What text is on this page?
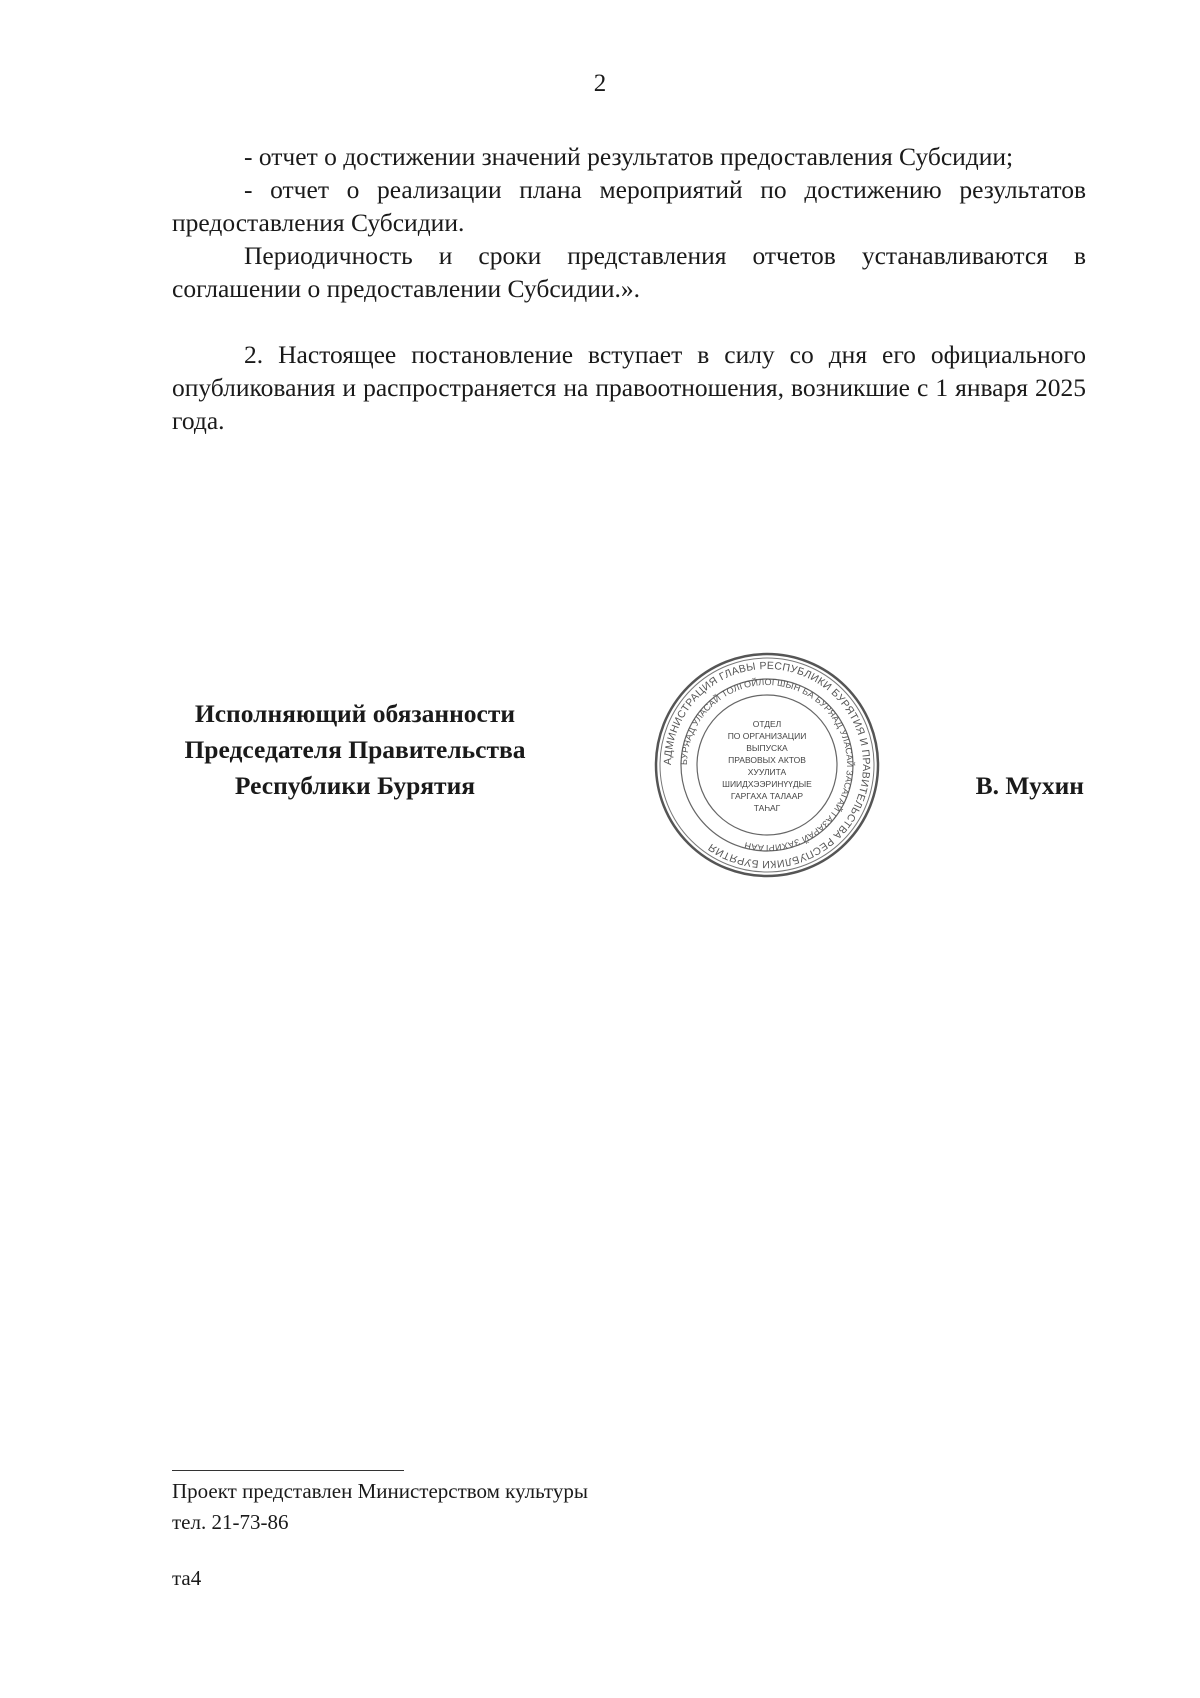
2

- отчет о достижении значений результатов предоставления Субсидии;

- отчет о реализации плана мероприятий по достижению результатов предоставления Субсидии.

Периодичность и сроки представления отчетов устанавливаются в соглашении о предоставлении Субсидии.».

2. Настоящее постановление вступает в силу со дня его официального опубликования и распространяется на правоотношения, возникшие с 1 января 2025 года.

Исполняющий обязанности
Председателя Правительства
Республики Бурятия
АДМИНИСТРАЦИЯ ГЛАВЫ РЕСПУБЛИКИ БУРЯТИЯ И ПРАВИТЕЛЬСТВА РЕСПУБЛИКИ БУРЯТИЯ
БУРЯАД УЛАСАЙ ТОЛГОЙЛОГШЫН БА БУРЯАД УЛАСАЙ ЗАСАГАЙ ГАЗАРАЙ ЗАХИРГААН
ОТДЕЛ
ПО ОРГАНИЗАЦИИ
ВЫПУСКА
ПРАВОВЫХ АКТОВ
ХУУЛИТА
ШИИДХЭЭРИНҮҮДЫЕ
ГАРГАХА ТАЛААР
ТАҺАГ
В. Мухин
Проект представлен Министерством культуры
тел. 21-73-86
та4
